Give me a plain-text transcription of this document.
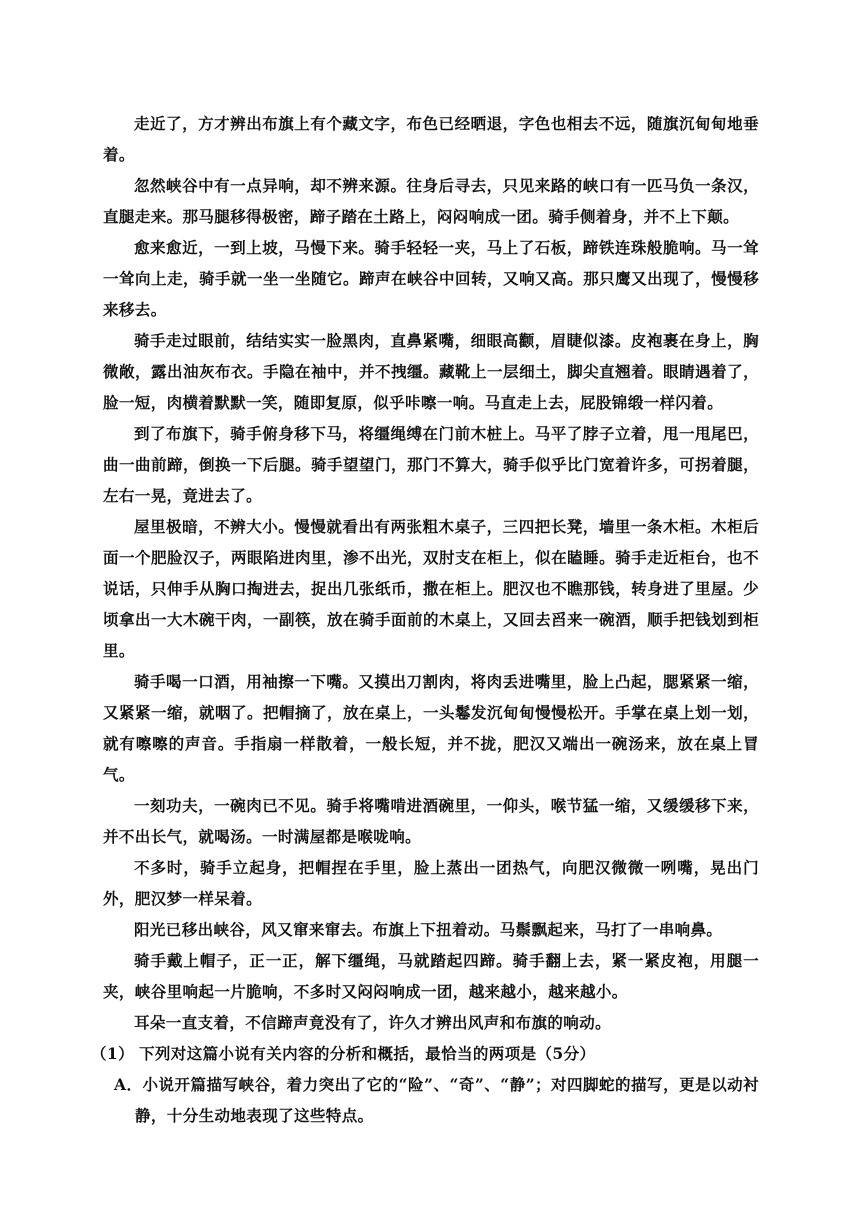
走近了，方才辨出布旗上有个藏文字，布色已经晒退，字色也相去不远，随旗沉甸甸地垂着。

忽然峡谷中有一点异响，却不辨来源。往身后寻去，只见来路的峡口有一匹马负一条汉，直腿走来。那马腿移得极密，蹄子踏在土路上，闷闷响成一团。骑手侧着身，并不上下颠。

愈来愈近，一到上坡，马慢下来。骑手轻轻一夹，马上了石板，蹄铁连珠般脆响。马一耸一耸向上走，骑手就一坐一坐随它。蹄声在峡谷中回转，又响又高。那只鹰又出现了，慢慢移来移去。

骑手走过眼前，结结实实一脸黑肉，直鼻紧嘴，细眼高颧，眉睫似漆。皮袍裹在身上，胸微敞，露出油灰布衣。手隐在袖中，并不拽缰。藏靴上一层细土，脚尖直翘着。眼睛遇着了，脸一短，肉横着默默一笑，随即复原，似乎咔嚓一响。马直走上去，屁股锦缎一样闪着。

到了布旗下，骑手俯身移下马，将缰绳缚在门前木桩上。马平了脖子立着，甩一甩尾巴，曲一曲前蹄，倒换一下后腿。骑手望望门，那门不算大，骑手似乎比门宽着许多，可拐着腿，左右一晃，竟进去了。

屋里极暗，不辨大小。慢慢就看出有两张粗木桌子，三四把长凳，墙里一条木柜。木柜后面一个肥脸汉子，两眼陷进肉里，渗不出光，双肘支在柜上，似在瞌睡。骑手走近柜台，也不说话，只伸手从胸口掏进去，捉出几张纸币，撒在柜上。肥汉也不瞧那钱，转身进了里屋。少顷拿出一大木碗干肉，一副筷，放在骑手面前的木桌上，又回去舀来一碗酒，顺手把钱划到柜里。

骑手喝一口酒，用袖擦一下嘴。又摸出刀割肉，将肉丢进嘴里，脸上凸起，腮紧紧一缩，又紧紧一缩，就咽了。把帽摘了，放在桌上，一头鬈发沉甸甸慢慢松开。手掌在桌上划一划，就有嚓嚓的声音。手指扇一样散着，一般长短，并不拢，肥汉又端出一碗汤来，放在桌上冒气。

一刻功夫，一碗肉已不见。骑手将嘴啃进酒碗里，一仰头，喉节猛一缩，又缓缓移下来，并不出长气，就喝汤。一时满屋都是喉咙响。

不多时，骑手立起身，把帽捏在手里，脸上蒸出一团热气，向肥汉微微一咧嘴，晃出门外，肥汉梦一样呆着。

阳光已移出峡谷，风又窜来窜去。布旗上下扭着动。马鬃飘起来，马打了一串响鼻。

骑手戴上帽子，正一正，解下缰绳，马就踏起四蹄。骑手翻上去，紧一紧皮袍，用腿一夹，峡谷里响起一片脆响，不多时又闷闷响成一团，越来越小，越来越小。

耳朵一直支着，不信蹄声竟没有了，许久才辨出风声和布旗的响动。

（1） 下列对这篇小说有关内容的分析和概括，最恰当的两项是（5分）

A．小说开篇描写峡谷，着力突出了它的“险”、“奇”、“静”；对四脚蛇的描写，更是以动衬静，十分生动地表现了这些特点。
